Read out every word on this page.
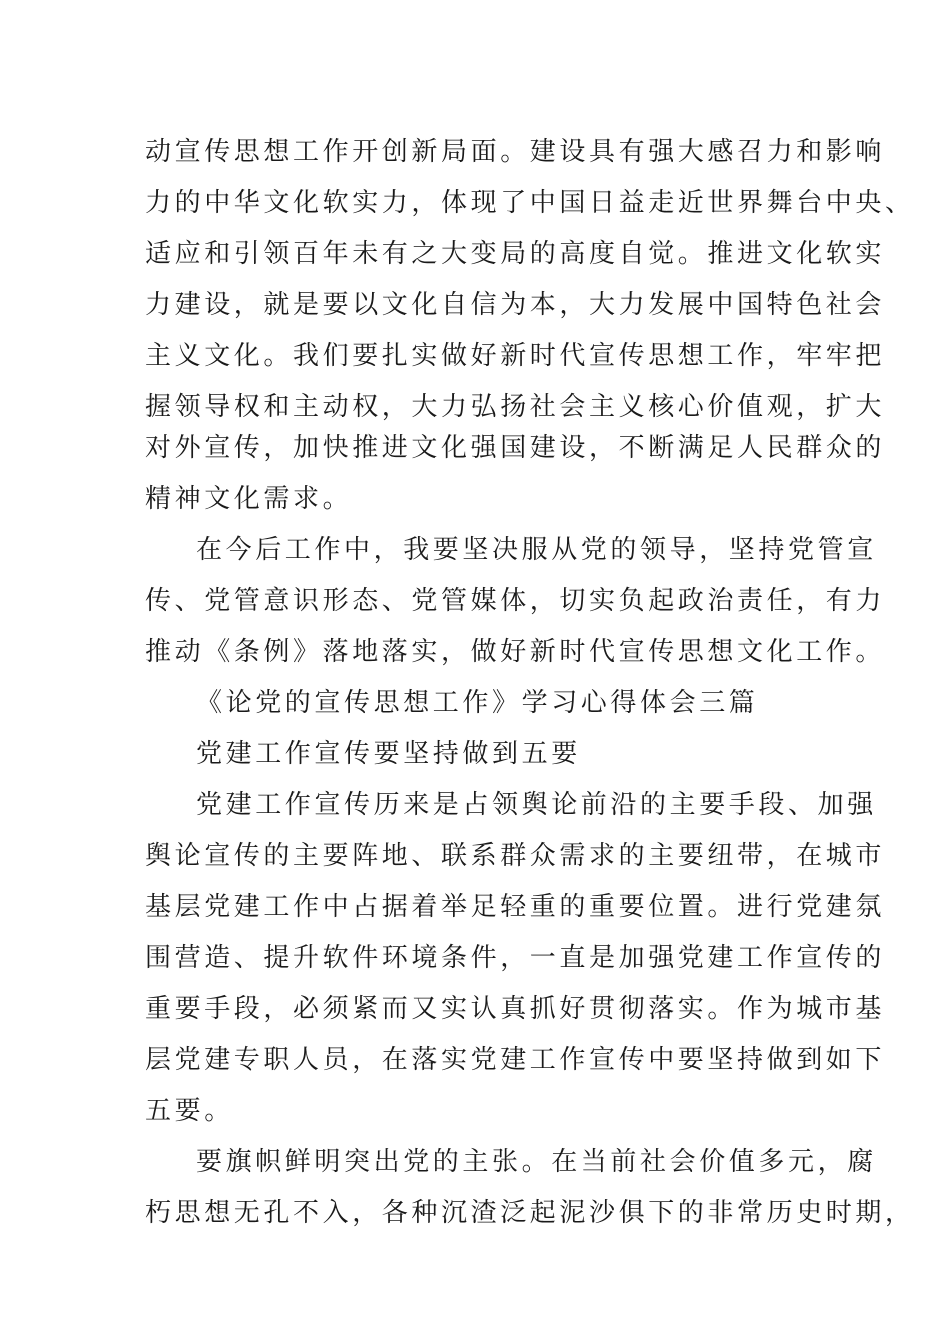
动宣传思想工作开创新局面。建设具有强大感召力和影响
力的中华文化软实力，体现了中国日益走近世界舞台中央、
适应和引领百年未有之大变局的高度自觉。推进文化软实
力建设，就是要以文化自信为本，大力发展中国特色社会
主义文化。我们要扎实做好新时代宣传思想工作，牢牢把
握领导权和主动权，大力弘扬社会主义核心价值观，扩大
对外宣传，加快推进文化强国建设，不断满足人民群众的
精神文化需求。
在今后工作中，我要坚决服从党的领导，坚持党管宣
传、党管意识形态、党管媒体，切实负起政治责任，有力
推动《条例》落地落实，做好新时代宣传思想文化工作。
《论党的宣传思想工作》学习心得体会三篇
党建工作宣传要坚持做到五要
党建工作宣传历来是占领舆论前沿的主要手段、加强
舆论宣传的主要阵地、联系群众需求的主要纽带，在城市
基层党建工作中占据着举足轻重的重要位置。进行党建氛
围营造、提升软件环境条件，一直是加强党建工作宣传的
重要手段，必须紧而又实认真抓好贯彻落实。作为城市基
层党建专职人员，在落实党建工作宣传中要坚持做到如下
五要。
要旗帜鲜明突出党的主张。在当前社会价值多元，腐
朽思想无孔不入，各种沉渣泛起泥沙俱下的非常历史时期，
